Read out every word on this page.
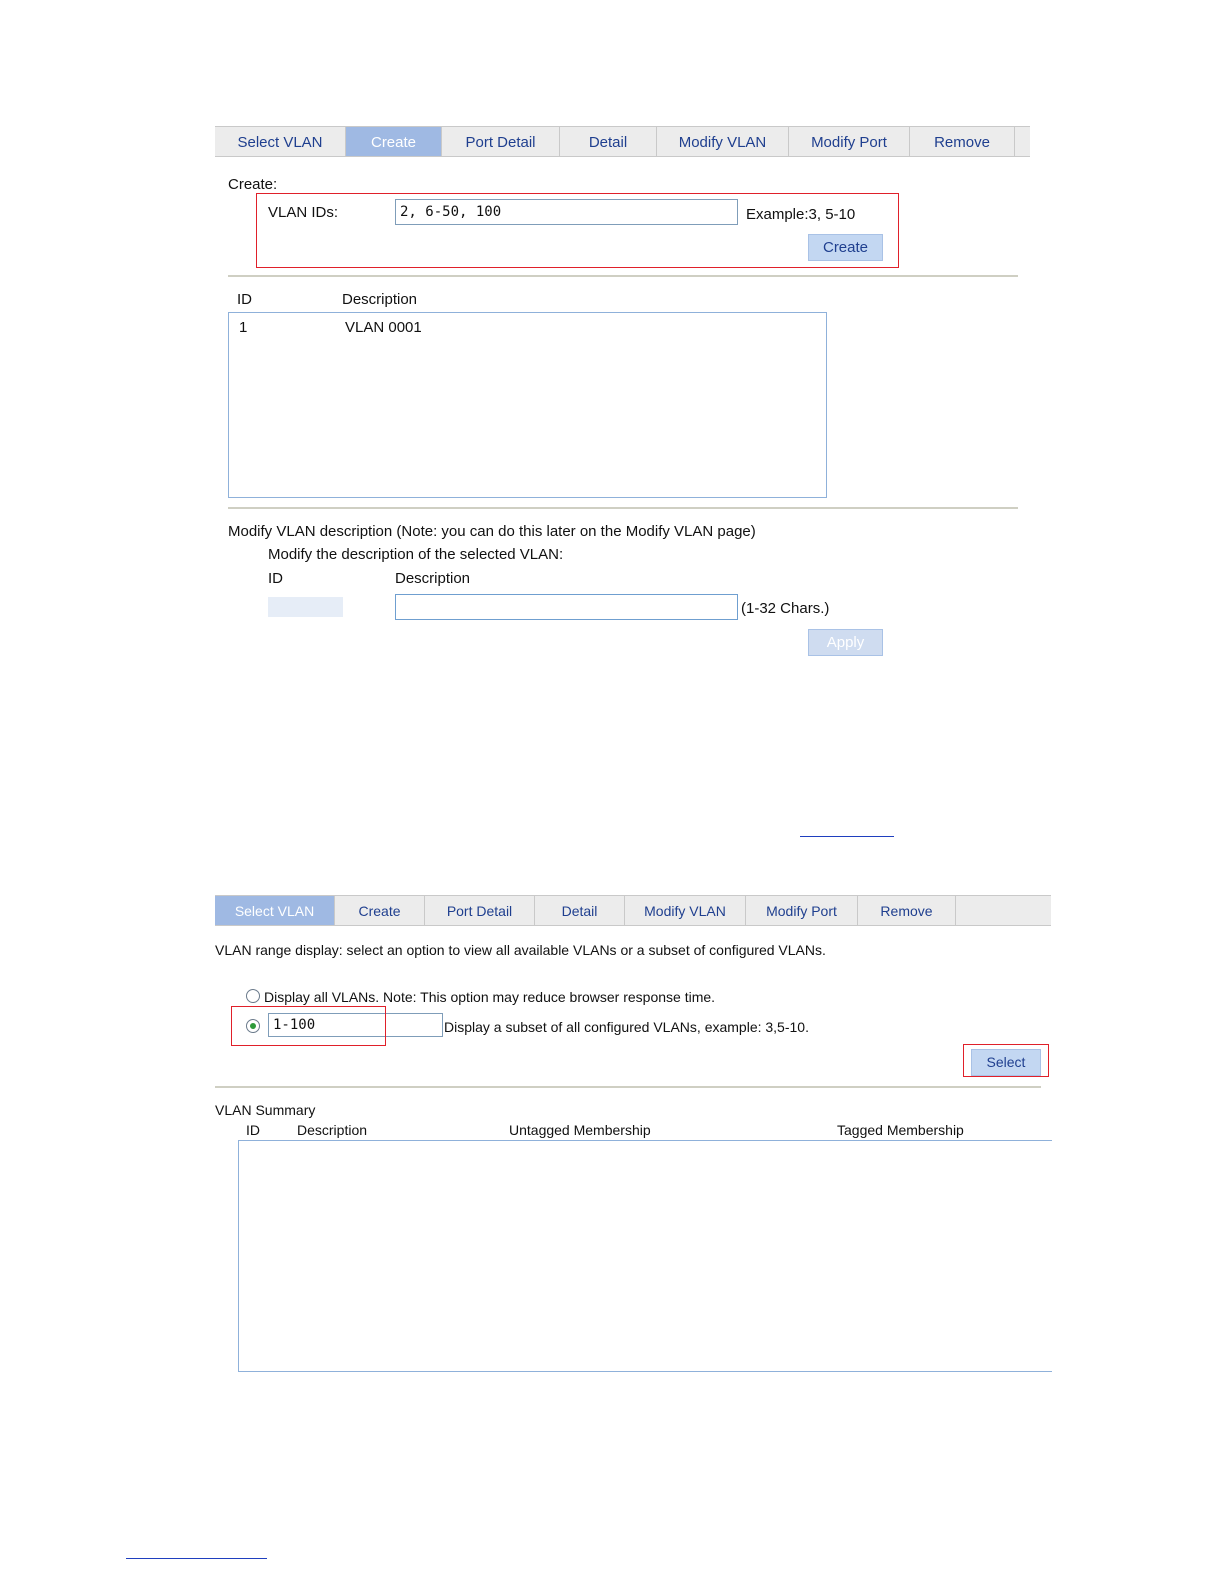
Select VLAN	Create	Port Detail	Detail	Modify VLAN	Modify Port	Remove
Create:
VLAN IDs:
2, 6-50, 100	Example:3, 5-10
Create
ID	Description
1	VLAN 0001
Modify VLAN description (Note: you can do this later on the Modify VLAN page)
Modify the description of the selected VLAN:
ID	Description
(1-32 Chars.)
Apply
Select VLAN	Create	Port Detail	Detail	Modify VLAN	Modify Port	Remove
VLAN range display: select an option to view all available VLANs or a subset of configured VLANs.
Display all VLANs. Note: This option may reduce browser response time.
1-100
Display a subset of all configured VLANs, example: 3,5-10.
Select
VLAN Summary
ID	Description	Untagged Membership	Tagged Membership
